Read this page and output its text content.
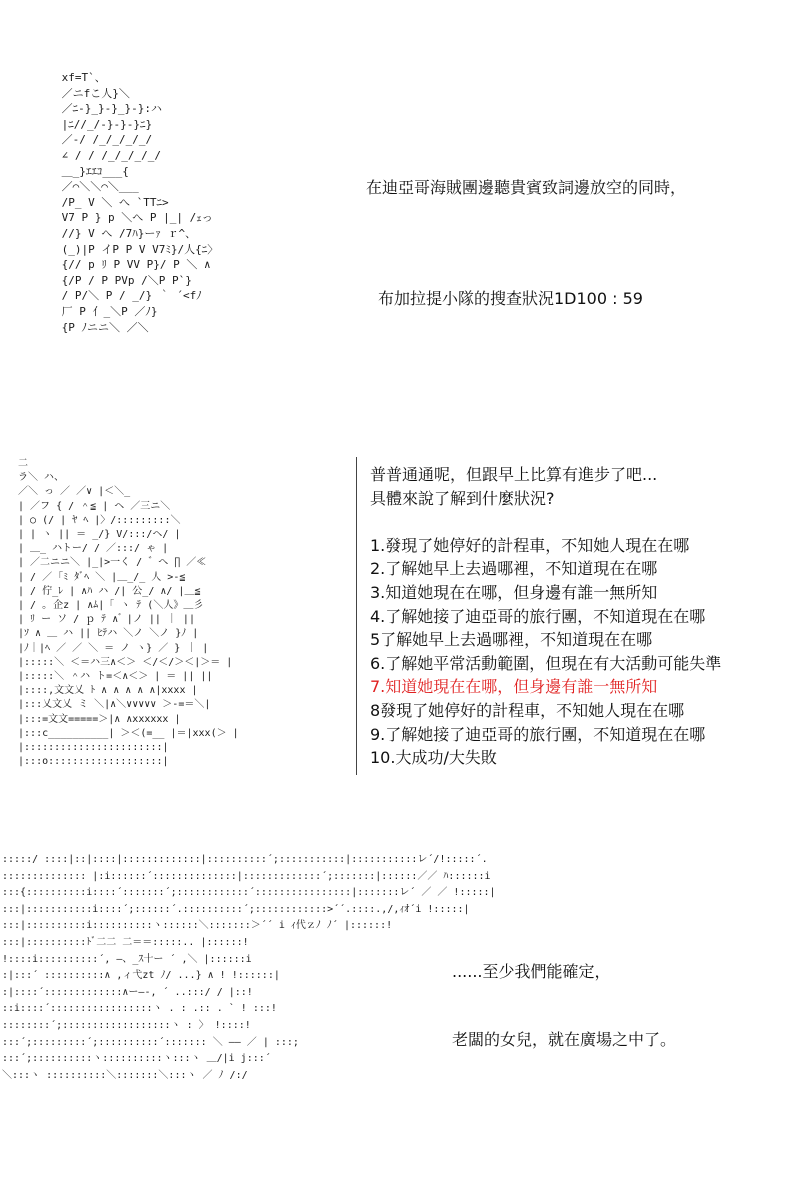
xf=T`、
／ニfこ人}＼
／ﾆ-}_}-}_}-}:ハ
|ﾆ//_/-}-}-}ﾆ}
／-/ /_/_/_/_/
∠ / / /_/_/_/_/
＿_}ｴｴｺ___{
／⌒＼＼⌒＼___
/P_ V ＼ へ `TTﾆ>
V7 P } p ＼へ P |_| /ｪっ
//} V へ /7ﾊ}ーｧ ｒ^、
(_)|P イP P V V7ﾐ}/人{ﾆ〉
{// p ﾘ P VV P}/ P ＼ ∧
{/P / P PVp /＼P P`}
/ P/＼ P / _/} ｀ ´<fﾉ
厂 P 亻_＼P ／ﾉ}
{P ﾉニニ＼ ／＼
在迪亞哥海賊團邊聽貴賓致詞邊放空的同時，
布加拉提小隊的搜查狀況1D100 : 59
二
ラ＼ ハ、
／＼ っ ／ ／∨ |＜＼_
| ／フ { / ＾≦ | ヘ ／三ニ＼
| ○ (/ | ﾔ ﾍ |〉/:::::::::＼
| | ヽ || ＝ _/} V/:::/ヘ/ |
| ＿_ ハトー/ / ／:::/ ゃ |
| ／二ニニ＼ |_|>一く / ゛へ ∏ ／≪
| / ／ ｢ﾐ ﾀﾞﾍ ＼ |＿_/_ 人 >-≦
| / 佇_ﾚ | ∧ﾊ ハ /| 公_/ ∧/ |＿≦
| / ｡ 企z | ∧ﾑ|「 ヽ ﾃ (＼人》＿彡
| ﾘ ー ソ / ｐ ﾃ ∧ ゙ |ノ || ｜ ||
|ｿ ∧ ＿ ハ || ﾋﾃハ ＼ノ ＼ノ }ﾉ |
|ﾉ｜|ﾍ ／ ／ ＼ ＝ ノ ヽ} ／ } ｜ |
|:::::＼ ＜＝ハ三∧＜＞ ＜/＜/＞＜|＞＝ |
|:::::＼ ＾ハ ト=＜∧＜＞ | ＝ || ||
|::::,文文乂 ﾄ ∧ ∧ ∧ ∧ ∧|xxxx |
|:::乂文乂 ミ ＼|∧＼∨∨∨∨∨ ＞-=＝＼|
|:::=文文=====＞|∧ ∧xxxxxx |
|:::c__________| ＞＜(=__ |＝|xxx(＞ |
|:::::::::::::::::::::::|
|:::o:::::::::::::::::::|
普普通通呢，但跟早上比算有進步了吧...
具體來說了解到什麼狀況?
1.發現了她停好的計程車，不知她人現在在哪
2.了解她早上去過哪裡，不知道現在在哪
3.知道她現在在哪，但身邊有誰一無所知
4.了解她接了迪亞哥的旅行團，不知道現在在哪
5了解她早上去過哪裡，不知道現在在哪
6.了解她平常活動範圍，但現在有大活動可能失準
7.知道她現在在哪，但身邊有誰一無所知
8發現了她停好的計程車，不知她人現在在哪
9.了解她接了迪亞哥的旅行團，不知道現在在哪
10.大成功/大失敗
:::::/ ::::|::|::::|:::::::::::::|::::::::::´;:::::::::::|:::::::::::レ´/!:::::´.
:::::::::::::: |:i::::::´::::::::::::::|:::::::::::::´;:::::::|::::::／／ ﾊ::::::i
:::{::::::::::i::::´:::::::´;::::::::::::´::::::::::::::::|:::::::レ´ ／ ／ !:::::|
:::|:::::::::::i::::´;::::::´.::::::::::´;::::::::::::>´´.::::.,/,ｨｵ´i !:::::|
:::|::::::::::i::::::::::ヽ::::::＼:::::::＞´´ i ｨ代ｚﾉ ﾉ´ |::::::!
:::|::::::::::ﾄﾞ二二 二＝＝:::::.. |::::::!
!::::i::::::::::´, ―、_ｽ十ー ´ ,＼ |::::::i
:|:::´ ::::::::::∧ ,ィ弋zt ﾉ/ ...} ∧ ! !::::::|
:|::::´:::::::::::::∧ー―-, ´ ..:::/ / |::!
::i::::´:::::::::::::::::ヽ . : .:: . ` ! :::!
::::::::´;::::::::::::::::::ヽ : 〉 !::::!
:::´;:::::::::´;::::::::::´::::::: ＼ ―― ／ | :::;
:::´;::::::::::ヽ::::::::::ヽ:::ヽ ＿/|i j:::´
＼:::ヽ ::::::::::＼:::::::＼:::ヽ ／ ﾉ /:/
......至少我們能確定，
老闆的女兒，就在廣場之中了。
